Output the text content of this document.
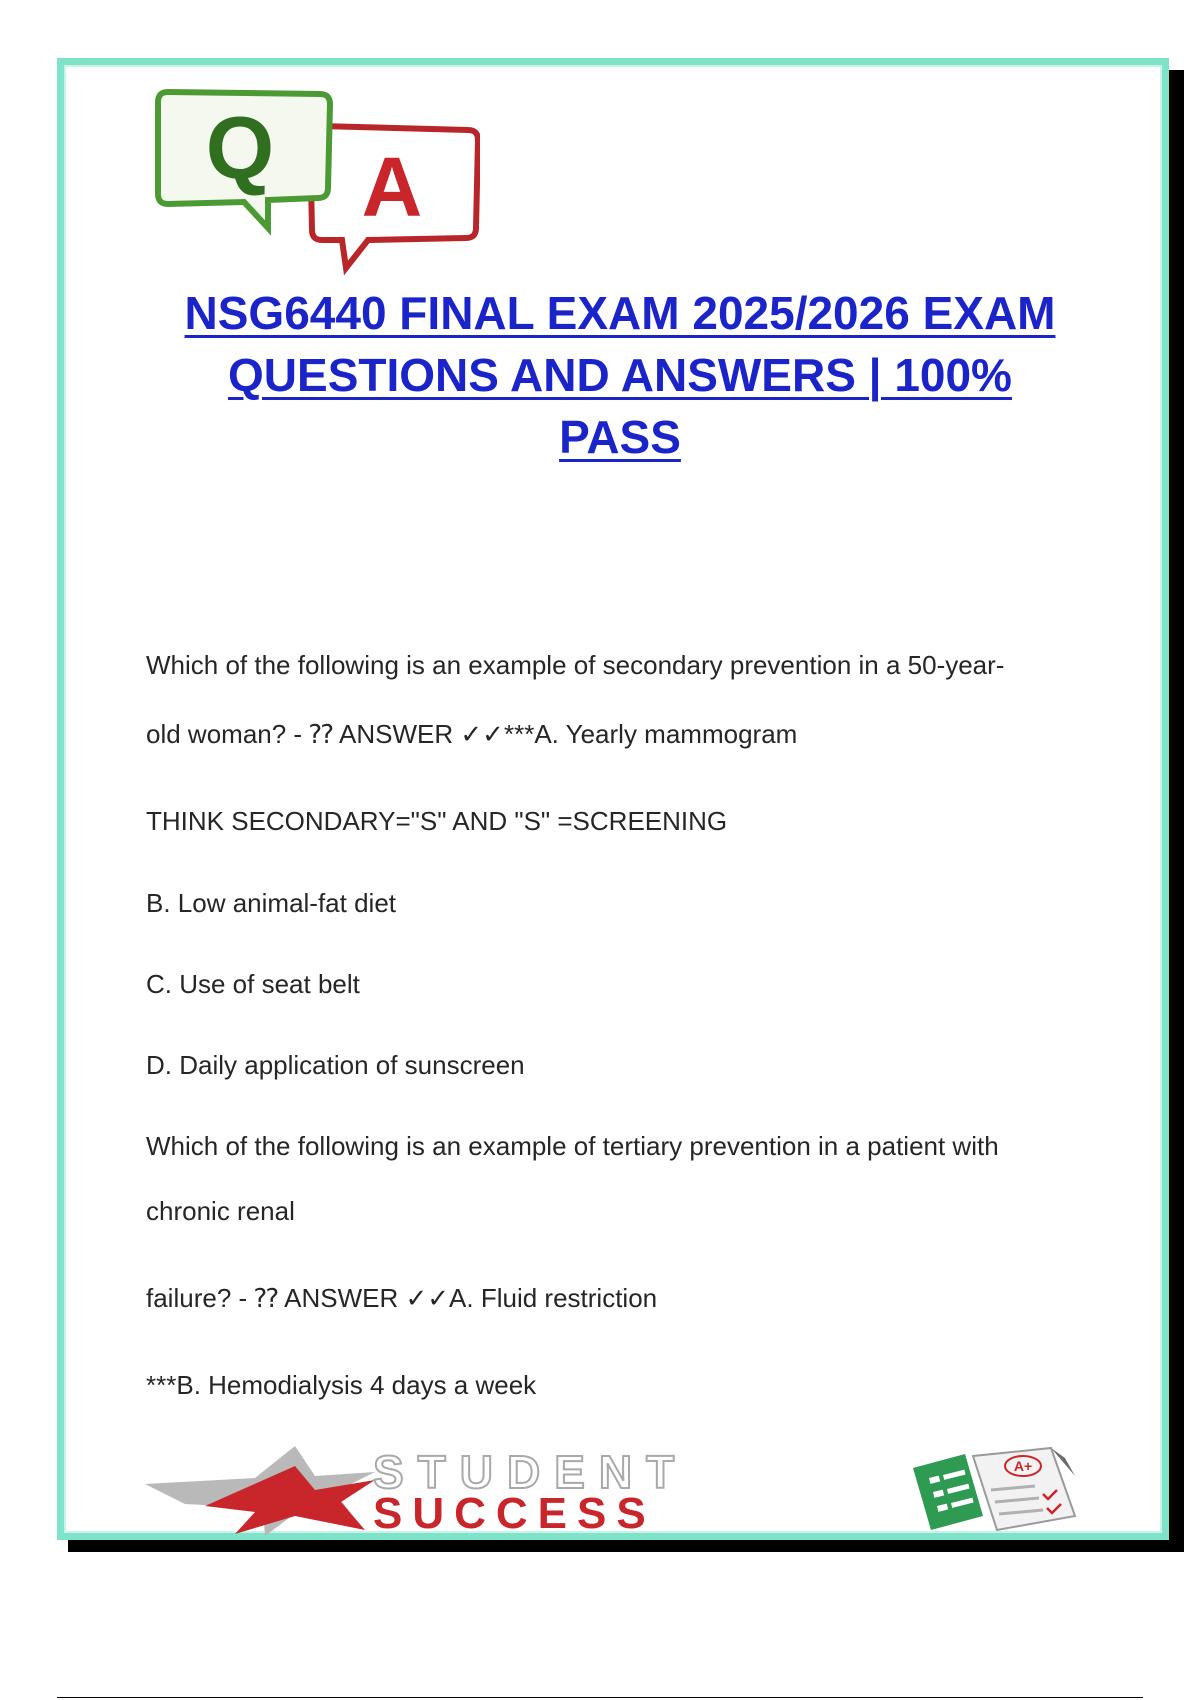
A
Q
NSG6440 FINAL EXAM 2025/2026 EXAM
QUESTIONS AND ANSWERS | 100%
PASS
Which of the following is an example of secondary prevention in a 50-year-
old woman? - ⁇ ANSWER ✓✓***A. Yearly mammogram
THINK SECONDARY="S" AND "S" =SCREENING
B. Low animal-fat diet
C. Use of seat belt
D. Daily application of sunscreen
Which of the following is an example of tertiary prevention in a patient with
chronic renal
failure? - ⁇ ANSWER ✓✓A. Fluid restriction
***B. Hemodialysis 4 days a week
STUDENT
SUCCESS
A+
